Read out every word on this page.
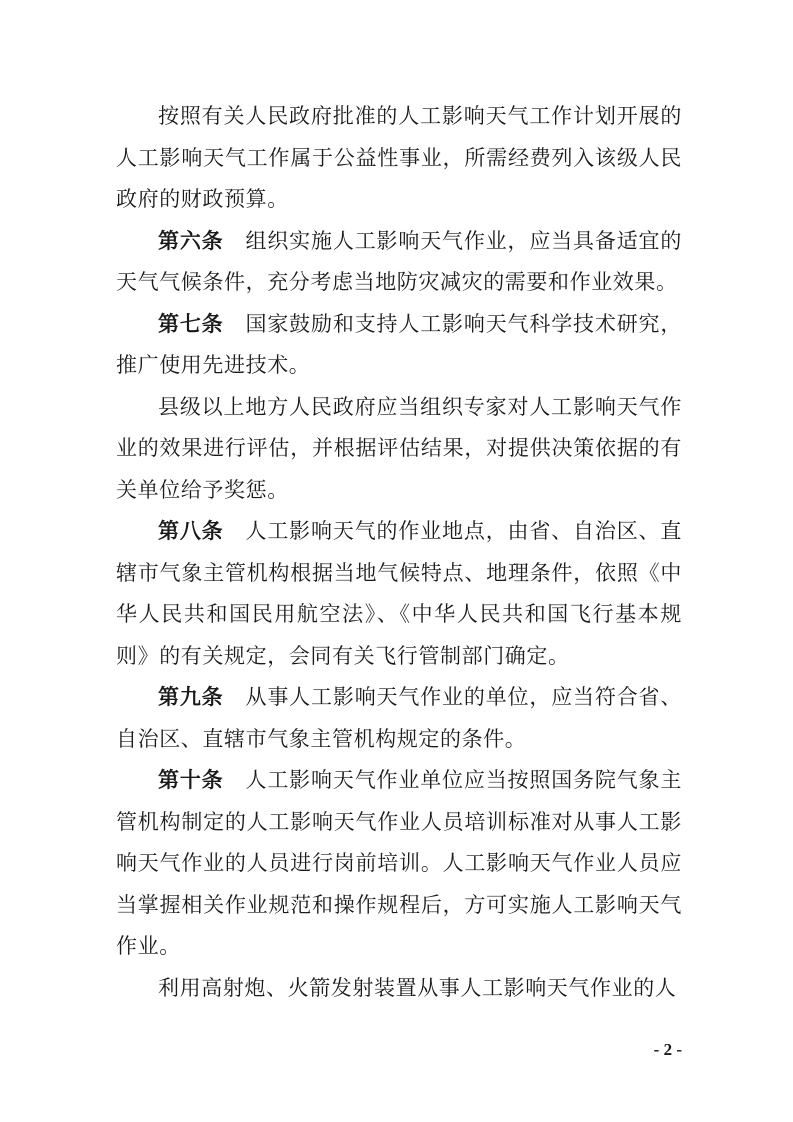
按照有关人民政府批准的人工影响天气工作计划开展的人工影响天气工作属于公益性事业，所需经费列入该级人民政府的财政预算。

第六条 组织实施人工影响天气作业，应当具备适宜的天气气候条件，充分考虑当地防灾减灾的需要和作业效果。

第七条 国家鼓励和支持人工影响天气科学技术研究，推广使用先进技术。

县级以上地方人民政府应当组织专家对人工影响天气作业的效果进行评估，并根据评估结果，对提供决策依据的有关单位给予奖惩。

第八条 人工影响天气的作业地点，由省、自治区、直辖市气象主管机构根据当地气候特点、地理条件，依照《中华人民共和国民用航空法》、《中华人民共和国飞行基本规则》的有关规定，会同有关飞行管制部门确定。

第九条 从事人工影响天气作业的单位，应当符合省、自治区、直辖市气象主管机构规定的条件。

第十条 人工影响天气作业单位应当按照国务院气象主管机构制定的人工影响天气作业人员培训标准对从事人工影响天气作业的人员进行岗前培训。人工影响天气作业人员应当掌握相关作业规范和操作规程后，方可实施人工影响天气作业。

利用高射炮、火箭发射装置从事人工影响天气作业的人

- 2 -
